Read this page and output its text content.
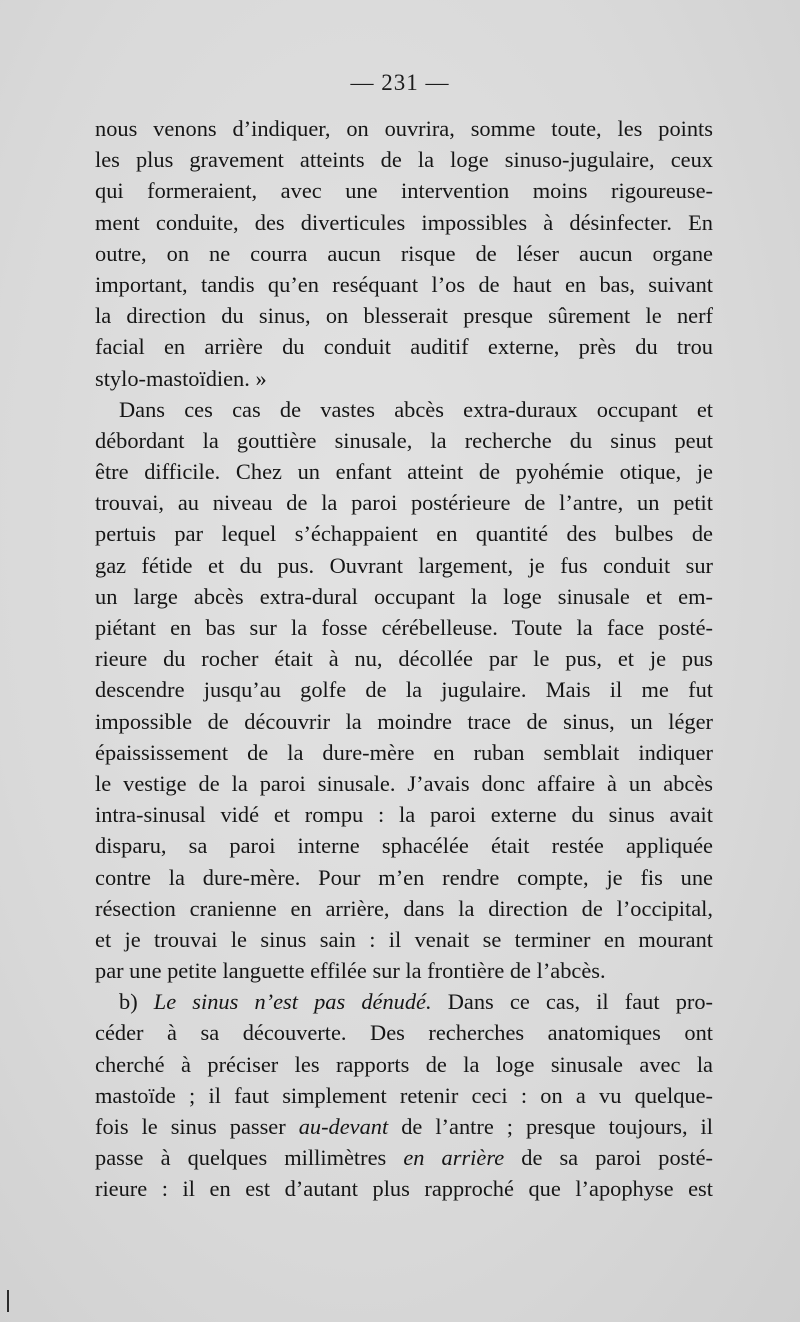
— 231 —
nous venons d’indiquer, on ouvrira, somme toute, les points
les plus gravement atteints de la loge sinuso-jugulaire, ceux
qui formeraient, avec une intervention moins rigoureuse-
ment conduite, des diverticules impossibles à désinfecter. En
outre, on ne courra aucun risque de léser aucun organe
important, tandis qu’en reséquant l’os de haut en bas, suivant
la direction du sinus, on blesserait presque sûrement le nerf
facial en arrière du conduit auditif externe, près du trou
stylo-mastoïdien. »
Dans ces cas de vastes abcès extra-duraux occupant et
débordant la gouttière sinusale, la recherche du sinus peut
être difficile. Chez un enfant atteint de pyohémie otique, je
trouvai, au niveau de la paroi postérieure de l’antre, un petit
pertuis par lequel s’échappaient en quantité des bulbes de
gaz fétide et du pus. Ouvrant largement, je fus conduit sur
un large abcès extra-dural occupant la loge sinusale et em-
piétant en bas sur la fosse cérébelleuse. Toute la face posté-
rieure du rocher était à nu, décollée par le pus, et je pus
descendre jusqu’au golfe de la jugulaire. Mais il me fut
impossible de découvrir la moindre trace de sinus, un léger
épaississement de la dure-mère en ruban semblait indiquer
le vestige de la paroi sinusale. J’avais donc affaire à un abcès
intra-sinusal vidé et rompu : la paroi externe du sinus avait
disparu, sa paroi interne sphacélée était restée appliquée
contre la dure-mère. Pour m’en rendre compte, je fis une
résection cranienne en arrière, dans la direction de l’occipital,
et je trouvai le sinus sain : il venait se terminer en mourant
par une petite languette effilée sur la frontière de l’abcès.
b) Le sinus n’est pas dénudé. Dans ce cas, il faut pro-
céder à sa découverte. Des recherches anatomiques ont
cherché à préciser les rapports de la loge sinusale avec la
mastoïde ; il faut simplement retenir ceci : on a vu quelque-
fois le sinus passer au-devant de l’antre ; presque toujours, il
passe à quelques millimètres en arrière de sa paroi posté-
rieure : il en est d’autant plus rapproché que l’apophyse est
